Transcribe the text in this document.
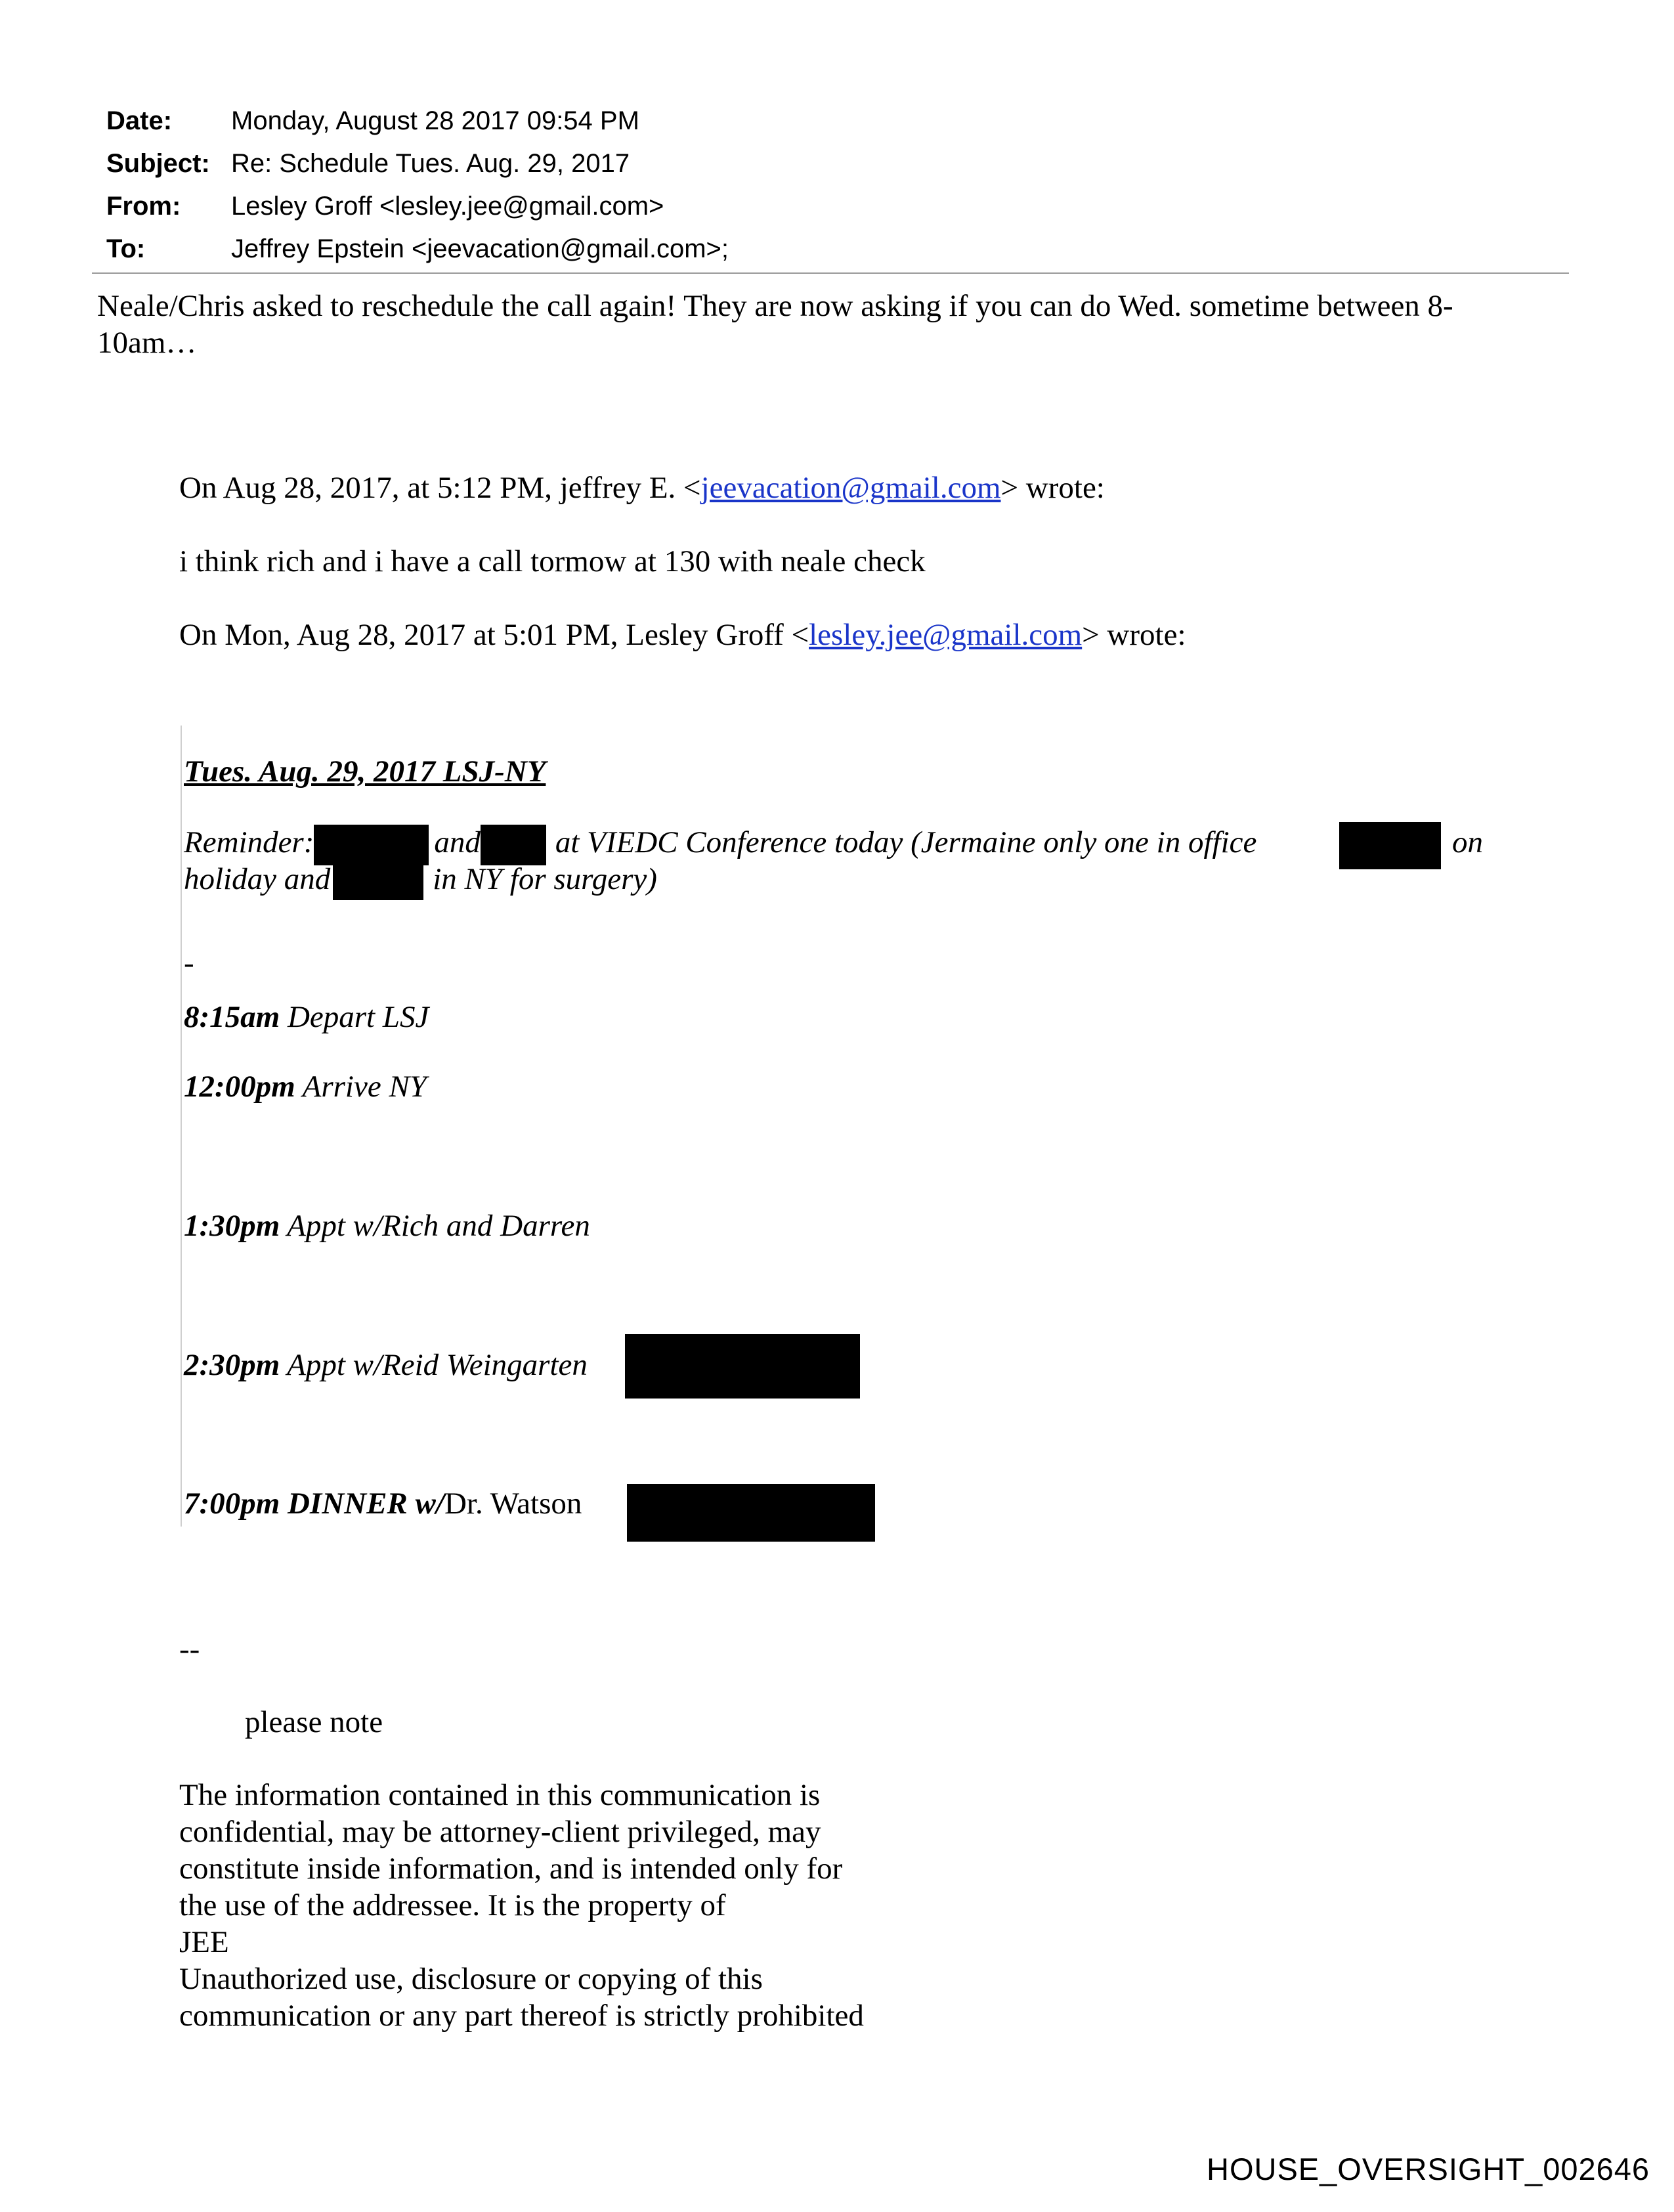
Date:	Monday, August 28 2017 09:54 PM
Subject: Re: Schedule Tues. Aug. 29, 2017
From:	Lesley Groff <lesley.jee@gmail.com>
To:	Jeffrey Epstein <jeevacation@gmail.com>;
Neale/Chris asked to reschedule the call again! They are now asking if you can do Wed. sometime between 8-
10am…
On Aug 28, 2017, at 5:12 PM, jeffrey E. <jeevacation@gmail.com> wrote:
i think rich and i have a call tormow at 130 with neale check
On Mon, Aug 28, 2017 at 5:01 PM, Lesley Groff <lesley.jee@gmail.com> wrote:
Tues. Aug. 29, 2017 LSJ-NY
Reminder:	and at VIEDC Conference today (Jermaine only one in office	on
holiday and	in NY for surgery)
-
8:15am Depart LSJ
12:00pm Arrive NY
1:30pm Appt w/Rich and Darren
2:30pm Appt w/Reid Weingarten
7:00pm DINNER w/Dr. Watson
--
please note
The information contained in this communication is
confidential, may be attorney-client privileged, may
constitute inside information, and is intended only for
the use of the addressee. It is the property of
JEE
Unauthorized use, disclosure or copying of this
communication or any part thereof is strictly prohibited
HOUSE_OVERSIGHT_002646
